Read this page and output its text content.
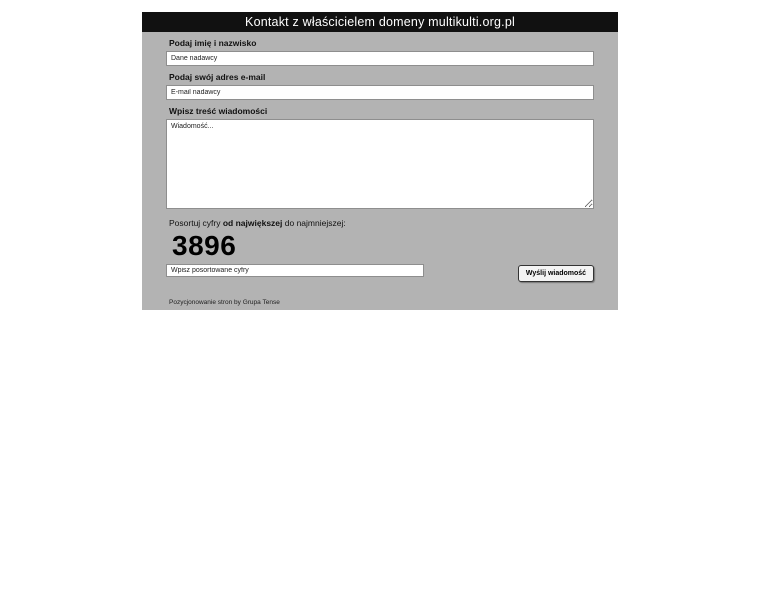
Kontakt z właścicielem domeny multikulti.org.pl
Podaj imię i nazwisko
Dane nadawcy
Podaj swój adres e-mail
E-mail nadawcy
Wpisz treść wiadomości
Wiadomość...
Posortuj cyfry od największej do najmniejszej:
3896
Wpisz posortowane cyfry
Wyślij wiadomość
Pozycjonowanie stron by Grupa Tense
